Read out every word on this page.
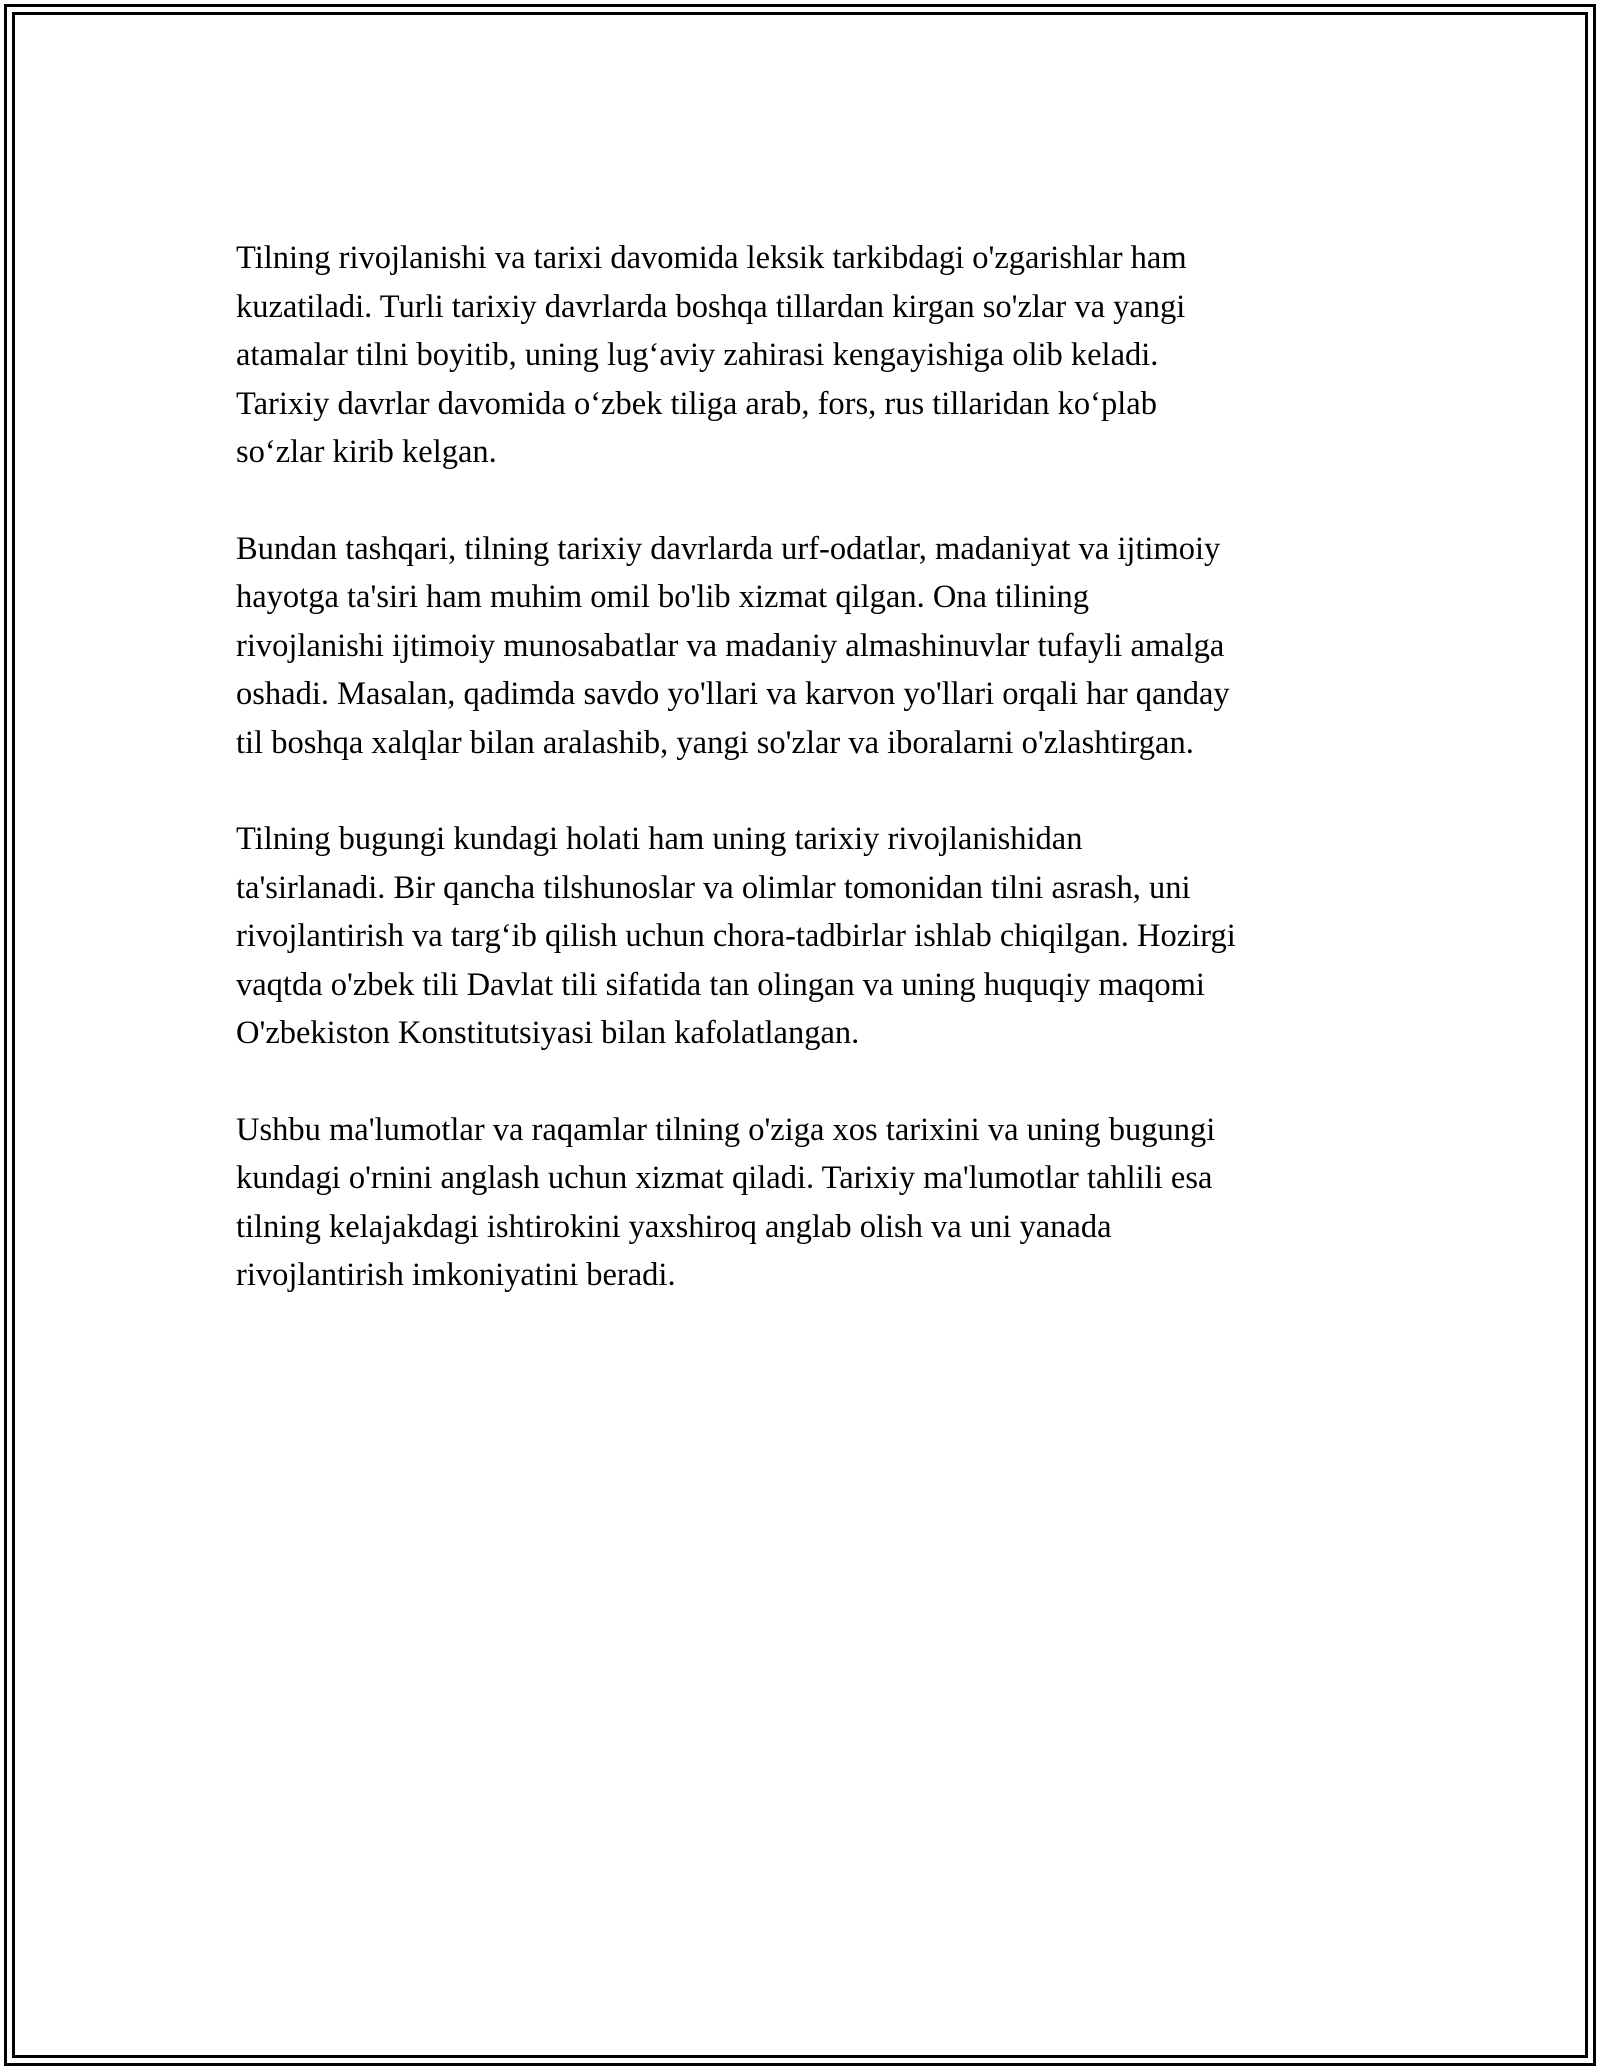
Tilning rivojlanishi va tarixi davomida leksik tarkibdagi o'zgarishlar ham
kuzatiladi. Turli tarixiy davrlarda boshqa tillardan kirgan so'zlar va yangi
atamalar tilni boyitib, uning lug‘aviy zahirasi kengayishiga olib keladi.
Tarixiy davrlar davomida o‘zbek tiliga arab, fors, rus tillaridan ko‘plab
so‘zlar kirib kelgan.

Bundan tashqari, tilning tarixiy davrlarda urf-odatlar, madaniyat va ijtimoiy
hayotga ta'siri ham muhim omil bo'lib xizmat qilgan. Ona tilining
rivojlanishi ijtimoiy munosabatlar va madaniy almashinuvlar tufayli amalga
oshadi. Masalan, qadimda savdo yo'llari va karvon yo'llari orqali har qanday
til boshqa xalqlar bilan aralashib, yangi so'zlar va iboralarni o'zlashtirgan.

Tilning bugungi kundagi holati ham uning tarixiy rivojlanishidan
ta'sirlanadi. Bir qancha tilshunoslar va olimlar tomonidan tilni asrash, uni
rivojlantirish va targ‘ib qilish uchun chora-tadbirlar ishlab chiqilgan. Hozirgi
vaqtda o'zbek tili Davlat tili sifatida tan olingan va uning huquqiy maqomi
O'zbekiston Konstitutsiyasi bilan kafolatlangan.

Ushbu ma'lumotlar va raqamlar tilning o'ziga xos tarixini va uning bugungi
kundagi o'rnini anglash uchun xizmat qiladi. Tarixiy ma'lumotlar tahlili esa
tilning kelajakdagi ishtirokini yaxshiroq anglab olish va uni yanada
rivojlantirish imkoniyatini beradi.
